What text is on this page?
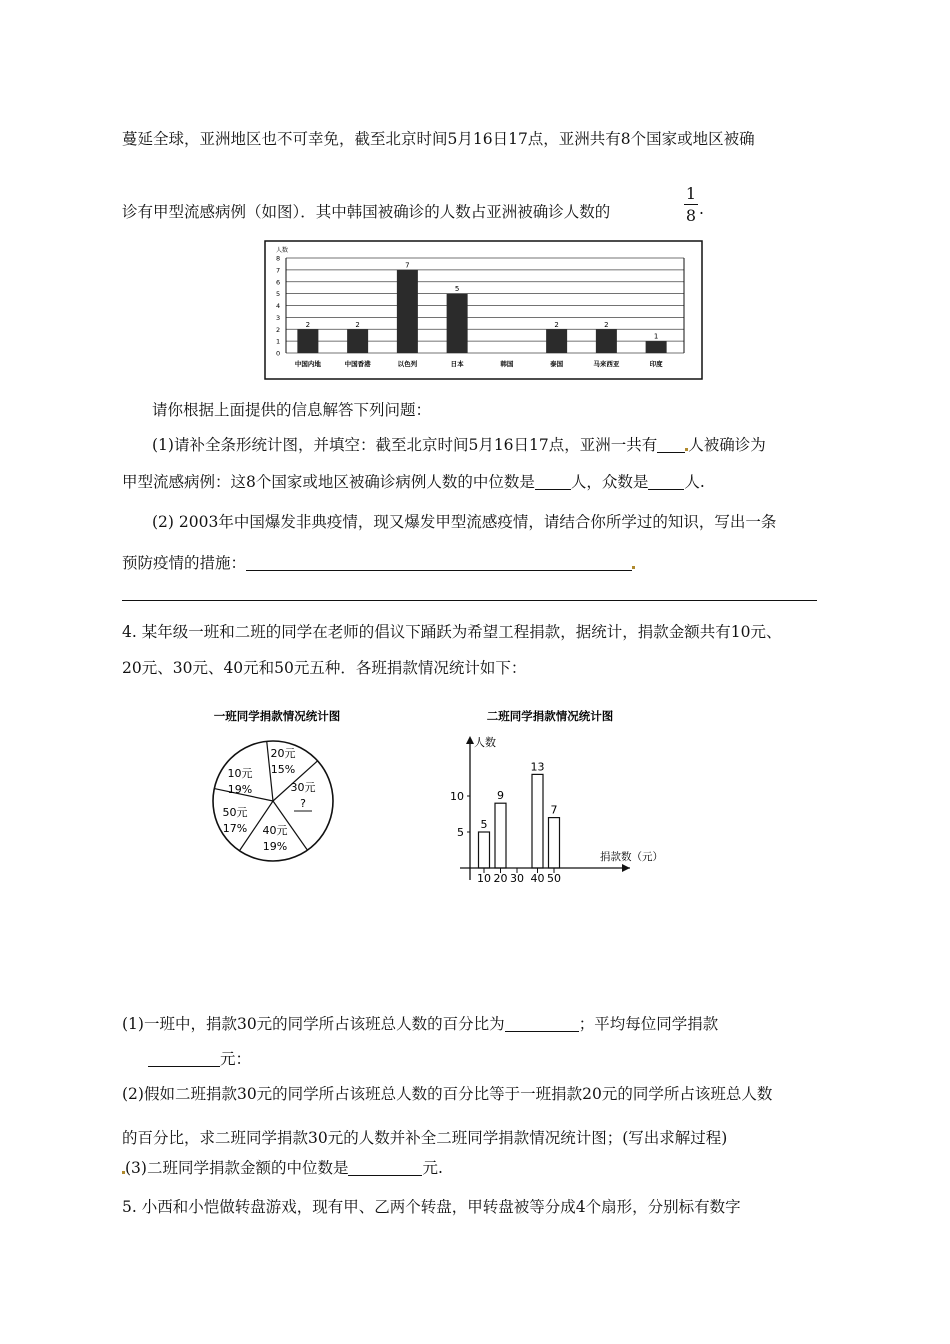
蔓延全球，亚洲地区也不可幸免，截至北京时间5月16日17点，亚洲共有8个国家或地区被确
诊有甲型流感病例（如图）．其中韩国被确诊的人数占亚洲被确诊人数的
1
8 .
人数
0
1
2
3
4
5
6
7
8
2
中国内地
2
中国香港
7
以色列
5
日本	韩国
2
泰国
2
马来西亚
1
印度
请你根据上面提供的信息解答下列问题：
(1)请补全条形统计图，并填空：截至北京时间5月16日17点，亚洲一共有 人被确诊为
甲型流感病例：这8个国家或地区被确诊病例人数的中位数是 人，众数是 人.
(2) 2003年中国爆发非典疫情，现又爆发甲型流感疫情，请结合你所学过的知识，写出一条
预防疫情的措施：
4. 某年级一班和二班的同学在老师的倡议下踊跃为希望工程捐款，据统计，捐款金额共有10元、
20元、30元、40元和50元五种．各班捐款情况统计如下：
一班同学捐款情况统计图
20元
15%
30元
?
40元
19%
50元
17%
10元
19%
二班同学捐款情况统计图
人数
捐款数（元）
5
10
10
5
20
9
30 40
13
50
7
(1)一班中，捐款30元的同学所占该班总人数的百分比为	；平均每位同学捐款
元：
(2)假如二班捐款30元的同学所占该班总人数的百分比等于一班捐款20元的同学所占该班总人数
的百分比，求二班同学捐款30元的人数并补全二班同学捐款情况统计图；(写出求解过程)
(3)二班同学捐款金额的中位数是	元.
5. 小西和小恺做转盘游戏，现有甲、乙两个转盘，甲转盘被等分成4个扇形，分别标有数字
